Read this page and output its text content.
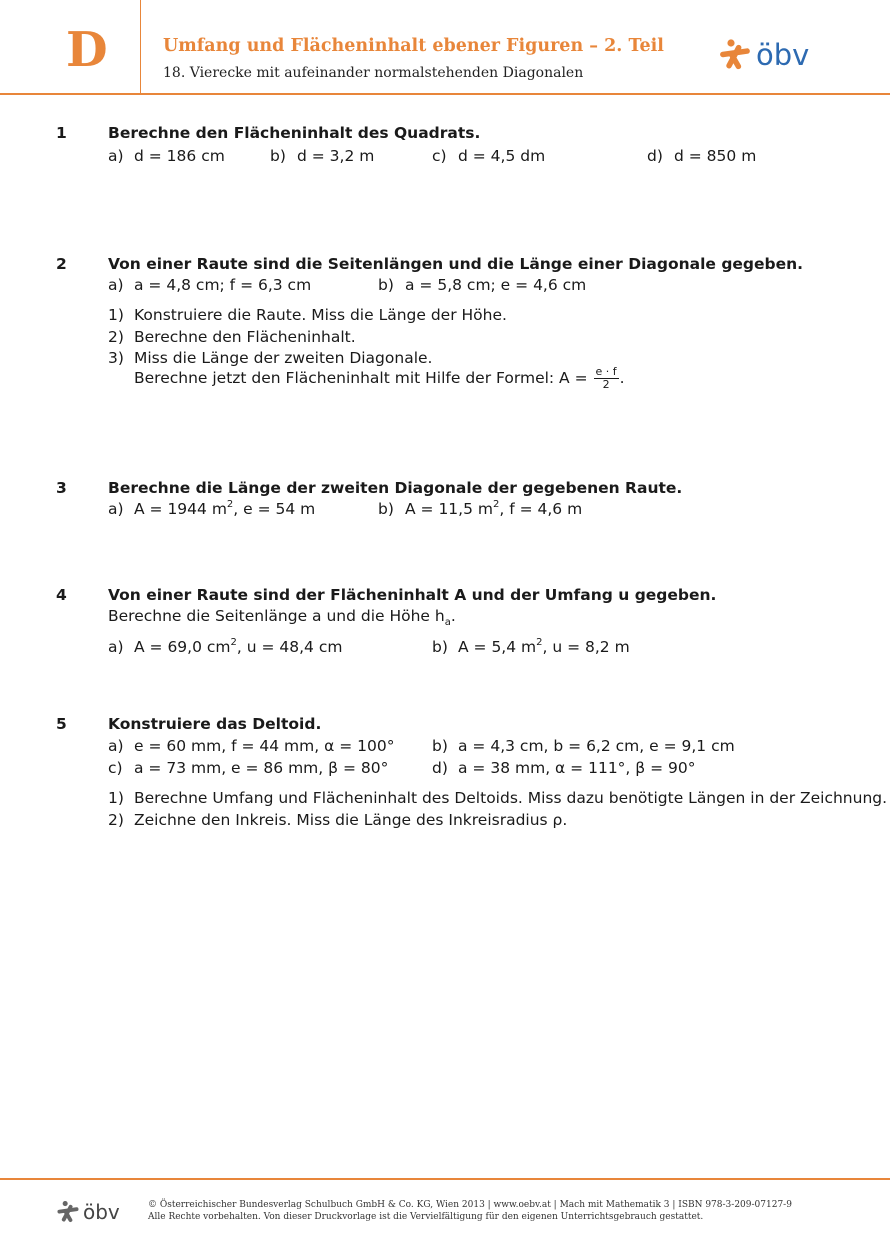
D	Umfang und Flächeninhalt ebener Figuren – 2. Teil
18. Vierecke mit aufeinander normalstehenden Diagonalen
öbv
1	Berechne den Flächeninhalt des Quadrats.
a) d = 186 cm	b) d = 3,2 m	c) d = 4,5 dm	d) d = 850 m
2	Von einer Raute sind die Seitenlängen und die Länge einer Diagonale gegeben.
a) a = 4,8 cm; f = 6,3 cm	b) a = 5,8 cm; e = 4,6 cm
1) Konstruiere die Raute. Miss die Länge der Höhe.
2) Berechne den Flächeninhalt.
3) Miss die Länge der zweiten Diagonale.
Berechne jetzt den Flächeninhalt mit Hilfe der Formel: $A = \frac{e \cdot f}{2}$ .
3	Berechne die Länge der zweiten Diagonale der gegebenen Raute.
a) A = 1944 $m^2$, e = 54 m	b) A = 11,5 $m^2$, f = 4,6 m
4	Von einer Raute sind der Flächeninhalt A und der Umfang u gegeben.
Berechne die Seitenlänge a und die Höhe $h_a$.
a) A = 69,0 $cm^2$, u = 48,4 cm	b) A = 5,4 $m^2$, u = 8,2 m
5	Konstruiere das Deltoid.
a) e = 60 mm, f = 44 mm, α = 100° b) a = 4,3 cm, b = 6,2 cm, e = 9,1 cm
c) a = 73 mm, e = 86 mm, β = 80°	d) a = 38 mm, α = 111°, β = 90°
1) Berechne Umfang und Flächeninhalt des Deltoids. Miss dazu benötigte Längen in der Zeichnung.
2) Zeichne den Inkreis. Miss die Länge des Inkreisradius ρ.
öbv	© Österreichischer Bundesverlag Schulbuch GmbH & Co. KG, Wien 2013 | www.oebv.at | Mach mit Mathematik 3 | ISBN 978-3-209-07127-9
Alle Rechte vorbehalten. Von dieser Druckvorlage ist die Vervielfältigung für den eigenen Unterrichtsgebrauch gestattet.
